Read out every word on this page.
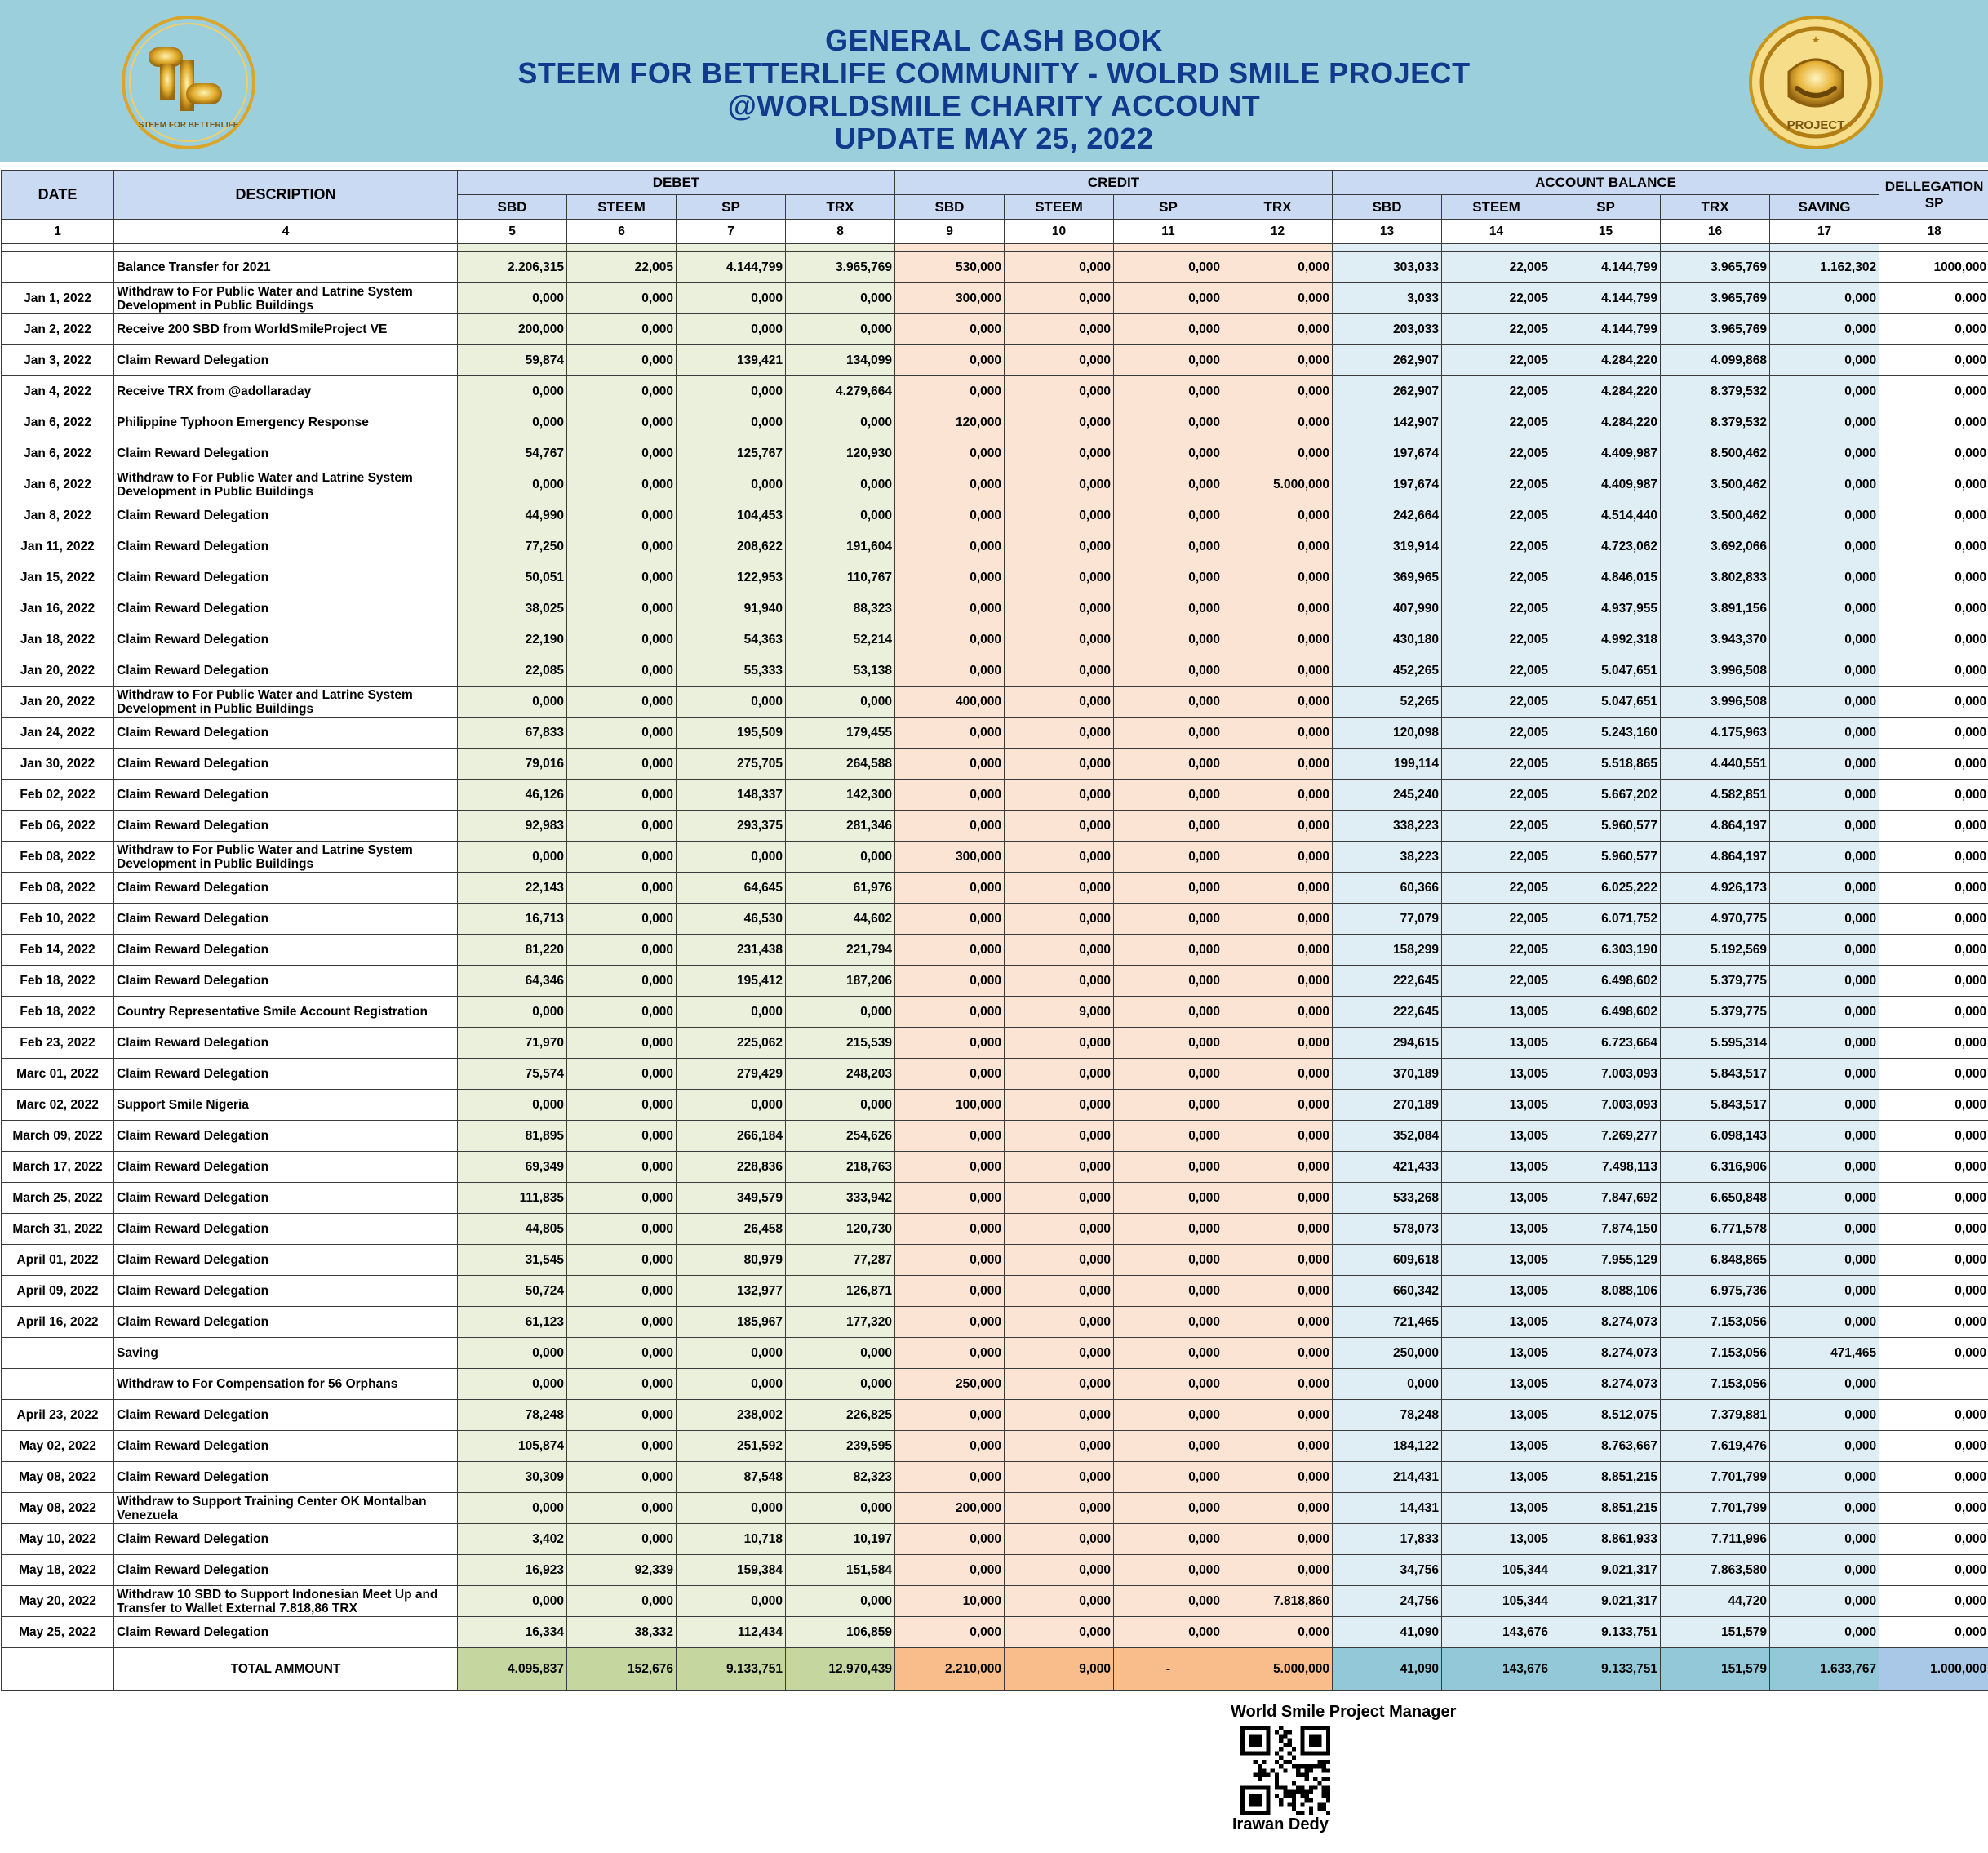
STEEM FOR BETTERLIFE
GENERAL CASH BOOK
STEEM FOR BETTERLIFE COMMUNITY - WOLRD SMILE PROJECT
@WORLDSMILE CHARITY ACCOUNT
UPDATE MAY 25, 2022	PROJECT
DATE	DESCRIPTION	DEBET				CREDIT				ACCOUNT BALANCE					DELLEGATION SP
		SBD	STEEM	SP	TRX	SBD	STEEM	SP	TRX	SBD	STEEM	SP	TRX	SAVING	
1	4	5	6	7	8	9	10	11	12	13	14	15	16	17	18

	Balance Transfer for 2021	2.206,315	22,005	4.144,799	3.965,769	530,000	0,000	0,000	0,000	303,033	22,005	4.144,799	3.965,769	1.162,302	1000,000
Jan 1, 2022	Withdraw to For Public Water and Latrine System Development in Public Buildings	0,000	0,000	0,000	0,000	300,000	0,000	0,000	0,000	3,033	22,005	4.144,799	3.965,769	0,000	0,000
Jan 2, 2022	Receive 200 SBD from WorldSmileProject VE	200,000	0,000	0,000	0,000	0,000	0,000	0,000	0,000	203,033	22,005	4.144,799	3.965,769	0,000	0,000
Jan 3, 2022	Claim Reward Delegation	59,874	0,000	139,421	134,099	0,000	0,000	0,000	0,000	262,907	22,005	4.284,220	4.099,868	0,000	0,000
Jan 4, 2022	Receive TRX from @adollaraday	0,000	0,000	0,000	4.279,664	0,000	0,000	0,000	0,000	262,907	22,005	4.284,220	8.379,532	0,000	0,000
Jan 6, 2022	Philippine Typhoon Emergency Response	0,000	0,000	0,000	0,000	120,000	0,000	0,000	0,000	142,907	22,005	4.284,220	8.379,532	0,000	0,000
Jan 6, 2022	Claim Reward Delegation	54,767	0,000	125,767	120,930	0,000	0,000	0,000	0,000	197,674	22,005	4.409,987	8.500,462	0,000	0,000
Jan 6, 2022	Withdraw to For Public Water and Latrine System Development in Public Buildings	0,000	0,000	0,000	0,000	0,000	0,000	0,000	5.000,000	197,674	22,005	4.409,987	3.500,462	0,000	0,000
Jan 8, 2022	Claim Reward Delegation	44,990	0,000	104,453	0,000	0,000	0,000	0,000	0,000	242,664	22,005	4.514,440	3.500,462	0,000	0,000
Jan 11, 2022	Claim Reward Delegation	77,250	0,000	208,622	191,604	0,000	0,000	0,000	0,000	319,914	22,005	4.723,062	3.692,066	0,000	0,000
Jan 15, 2022	Claim Reward Delegation	50,051	0,000	122,953	110,767	0,000	0,000	0,000	0,000	369,965	22,005	4.846,015	3.802,833	0,000	0,000
Jan 16, 2022	Claim Reward Delegation	38,025	0,000	91,940	88,323	0,000	0,000	0,000	0,000	407,990	22,005	4.937,955	3.891,156	0,000	0,000
Jan 18, 2022	Claim Reward Delegation	22,190	0,000	54,363	52,214	0,000	0,000	0,000	0,000	430,180	22,005	4.992,318	3.943,370	0,000	0,000
Jan 20, 2022	Claim Reward Delegation	22,085	0,000	55,333	53,138	0,000	0,000	0,000	0,000	452,265	22,005	5.047,651	3.996,508	0,000	0,000
Jan 20, 2022	Withdraw to For Public Water and Latrine System Development in Public Buildings	0,000	0,000	0,000	0,000	400,000	0,000	0,000	0,000	52,265	22,005	5.047,651	3.996,508	0,000	0,000
Jan 24, 2022	Claim Reward Delegation	67,833	0,000	195,509	179,455	0,000	0,000	0,000	0,000	120,098	22,005	5.243,160	4.175,963	0,000	0,000
Jan 30, 2022	Claim Reward Delegation	79,016	0,000	275,705	264,588	0,000	0,000	0,000	0,000	199,114	22,005	5.518,865	4.440,551	0,000	0,000
Feb 02, 2022	Claim Reward Delegation	46,126	0,000	148,337	142,300	0,000	0,000	0,000	0,000	245,240	22,005	5.667,202	4.582,851	0,000	0,000
Feb 06, 2022	Claim Reward Delegation	92,983	0,000	293,375	281,346	0,000	0,000	0,000	0,000	338,223	22,005	5.960,577	4.864,197	0,000	0,000
Feb 08, 2022	Withdraw to For Public Water and Latrine System Development in Public Buildings	0,000	0,000	0,000	0,000	300,000	0,000	0,000	0,000	38,223	22,005	5.960,577	4.864,197	0,000	0,000
Feb 08, 2022	Claim Reward Delegation	22,143	0,000	64,645	61,976	0,000	0,000	0,000	0,000	60,366	22,005	6.025,222	4.926,173	0,000	0,000
Feb 10, 2022	Claim Reward Delegation	16,713	0,000	46,530	44,602	0,000	0,000	0,000	0,000	77,079	22,005	6.071,752	4.970,775	0,000	0,000
Feb 14, 2022	Claim Reward Delegation	81,220	0,000	231,438	221,794	0,000	0,000	0,000	0,000	158,299	22,005	6.303,190	5.192,569	0,000	0,000
Feb 18, 2022	Claim Reward Delegation	64,346	0,000	195,412	187,206	0,000	0,000	0,000	0,000	222,645	22,005	6.498,602	5.379,775	0,000	0,000
Feb 18, 2022	Country Representative Smile Account Registration	0,000	0,000	0,000	0,000	0,000	9,000	0,000	0,000	222,645	13,005	6.498,602	5.379,775	0,000	0,000
Feb 23, 2022	Claim Reward Delegation	71,970	0,000	225,062	215,539	0,000	0,000	0,000	0,000	294,615	13,005	6.723,664	5.595,314	0,000	0,000
Marc 01, 2022	Claim Reward Delegation	75,574	0,000	279,429	248,203	0,000	0,000	0,000	0,000	370,189	13,005	7.003,093	5.843,517	0,000	0,000
Marc 02, 2022	Support Smile Nigeria	0,000	0,000	0,000	0,000	100,000	0,000	0,000	0,000	270,189	13,005	7.003,093	5.843,517	0,000	0,000
March 09, 2022	Claim Reward Delegation	81,895	0,000	266,184	254,626	0,000	0,000	0,000	0,000	352,084	13,005	7.269,277	6.098,143	0,000	0,000
March 17, 2022	Claim Reward Delegation	69,349	0,000	228,836	218,763	0,000	0,000	0,000	0,000	421,433	13,005	7.498,113	6.316,906	0,000	0,000
March 25, 2022	Claim Reward Delegation	111,835	0,000	349,579	333,942	0,000	0,000	0,000	0,000	533,268	13,005	7.847,692	6.650,848	0,000	0,000
March 31, 2022	Claim Reward Delegation	44,805	0,000	26,458	120,730	0,000	0,000	0,000	0,000	578,073	13,005	7.874,150	6.771,578	0,000	0,000
April 01, 2022	Claim Reward Delegation	31,545	0,000	80,979	77,287	0,000	0,000	0,000	0,000	609,618	13,005	7.955,129	6.848,865	0,000	0,000
April 09, 2022	Claim Reward Delegation	50,724	0,000	132,977	126,871	0,000	0,000	0,000	0,000	660,342	13,005	8.088,106	6.975,736	0,000	0,000
April 16, 2022	Claim Reward Delegation	61,123	0,000	185,967	177,320	0,000	0,000	0,000	0,000	721,465	13,005	8.274,073	7.153,056	0,000	0,000
	Saving	0,000	0,000	0,000	0,000	0,000	0,000	0,000	0,000	250,000	13,005	8.274,073	7.153,056	471,465	0,000
	Withdraw to For Compensation for 56 Orphans	0,000	0,000	0,000	0,000	250,000	0,000	0,000	0,000	0,000	13,005	8.274,073	7.153,056	0,000	
April 23, 2022	Claim Reward Delegation	78,248	0,000	238,002	226,825	0,000	0,000	0,000	0,000	78,248	13,005	8.512,075	7.379,881	0,000	0,000
May 02, 2022	Claim Reward Delegation	105,874	0,000	251,592	239,595	0,000	0,000	0,000	0,000	184,122	13,005	8.763,667	7.619,476	0,000	0,000
May 08, 2022	Claim Reward Delegation	30,309	0,000	87,548	82,323	0,000	0,000	0,000	0,000	214,431	13,005	8.851,215	7.701,799	0,000	0,000
May 08, 2022	Withdraw to Support Training Center OK Montalban Venezuela	0,000	0,000	0,000	0,000	200,000	0,000	0,000	0,000	14,431	13,005	8.851,215	7.701,799	0,000	0,000
May 10, 2022	Claim Reward Delegation	3,402	0,000	10,718	10,197	0,000	0,000	0,000	0,000	17,833	13,005	8.861,933	7.711,996	0,000	0,000
May 18, 2022	Claim Reward Delegation	16,923	92,339	159,384	151,584	0,000	0,000	0,000	0,000	34,756	105,344	9.021,317	7.863,580	0,000	0,000
May 20, 2022	Withdraw 10 SBD to Support Indonesian Meet Up and Transfer to Wallet External 7.818,86 TRX	0,000	0,000	0,000	0,000	10,000	0,000	0,000	7.818,860	24,756	105,344	9.021,317	44,720	0,000	0,000
May 25, 2022	Claim Reward Delegation	16,334	38,332	112,434	106,859	0,000	0,000	0,000	0,000	41,090	143,676	9.133,751	151,579	0,000	0,000
	TOTAL AMMOUNT	4.095,837	152,676	9.133,751	12.970,439	2.210,000	9,000	-	5.000,000	41,090	143,676	9.133,751	151,579	1.633,767	1.000,000
World Smile Project Manager
Irawan Dedy
